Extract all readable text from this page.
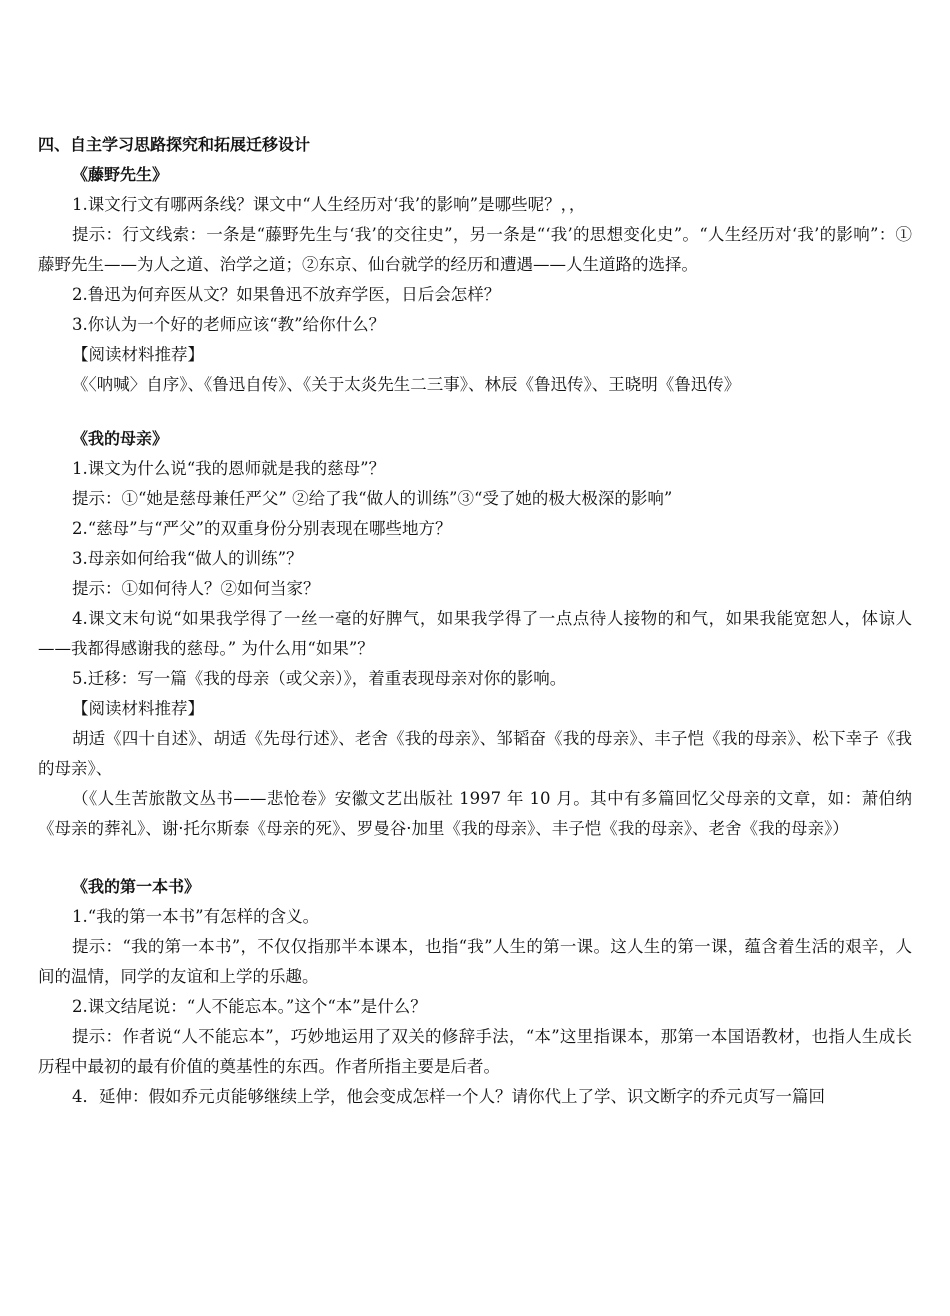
四、自主学习思路探究和拓展迁移设计

《藤野先生》

1.课文行文有哪两条线？课文中“人生经历对‘我’的影响”是哪些呢？，，

提示：行文线索：一条是“藤野先生与‘我’的交往史”，另一条是“‘我’的思想变化史”。“人生经历对‘我’的影响”：①藤野先生——为人之道、治学之道；②东京、仙台就学的经历和遭遇——人生道路的选择。

2.鲁迅为何弃医从文？如果鲁迅不放弃学医，日后会怎样？

3.你认为一个好的老师应该“教”给你什么？

【阅读材料推荐】

《〈呐喊〉自序》、《鲁迅自传》、《关于太炎先生二三事》、林辰《鲁迅传》、王晓明《鲁迅传》

《我的母亲》

1.课文为什么说“我的恩师就是我的慈母”？

提示：①“她是慈母兼任严父” ②给了我“做人的训练”③“受了她的极大极深的影响”

2.“慈母”与“严父”的双重身份分别表现在哪些地方？

3.母亲如何给我“做人的训练”？

提示：①如何待人？②如何当家？

4.课文末句说“如果我学得了一丝一毫的好脾气，如果我学得了一点点待人接物的和气，如果我能宽恕人，体谅人——我都得感谢我的慈母。” 为什么用“如果”？

5.迁移：写一篇《我的母亲（或父亲）》，着重表现母亲对你的影响。

【阅读材料推荐】

胡适《四十自述》、胡适《先母行述》、老舍《我的母亲》、邹韬奋《我的母亲》、丰子恺《我的母亲》、松下幸子《我的母亲》、

（《人生苦旅散文丛书——悲怆卷》安徽文艺出版社 1997 年 10 月。其中有多篇回忆父母亲的文章，如：萧伯纳《母亲的葬礼》、谢·托尔斯泰《母亲的死》、罗曼谷·加里《我的母亲》、丰子恺《我的母亲》、老舍《我的母亲》）

《我的第一本书》

1.“我的第一本书”有怎样的含义。

提示：“我的第一本书”，不仅仅指那半本课本，也指“我”人生的第一课。这人生的第一课，蕴含着生活的艰辛，人间的温情，同学的友谊和上学的乐趣。

2.课文结尾说：“人不能忘本。”这个“本”是什么？

提示：作者说“人不能忘本”，巧妙地运用了双关的修辞手法，“本”这里指课本，那第一本国语教材，也指人生成长历程中最初的最有价值的奠基性的东西。作者所指主要是后者。

4．延伸：假如乔元贞能够继续上学，他会变成怎样一个人？请你代上了学、识文断字的乔元贞写一篇回
